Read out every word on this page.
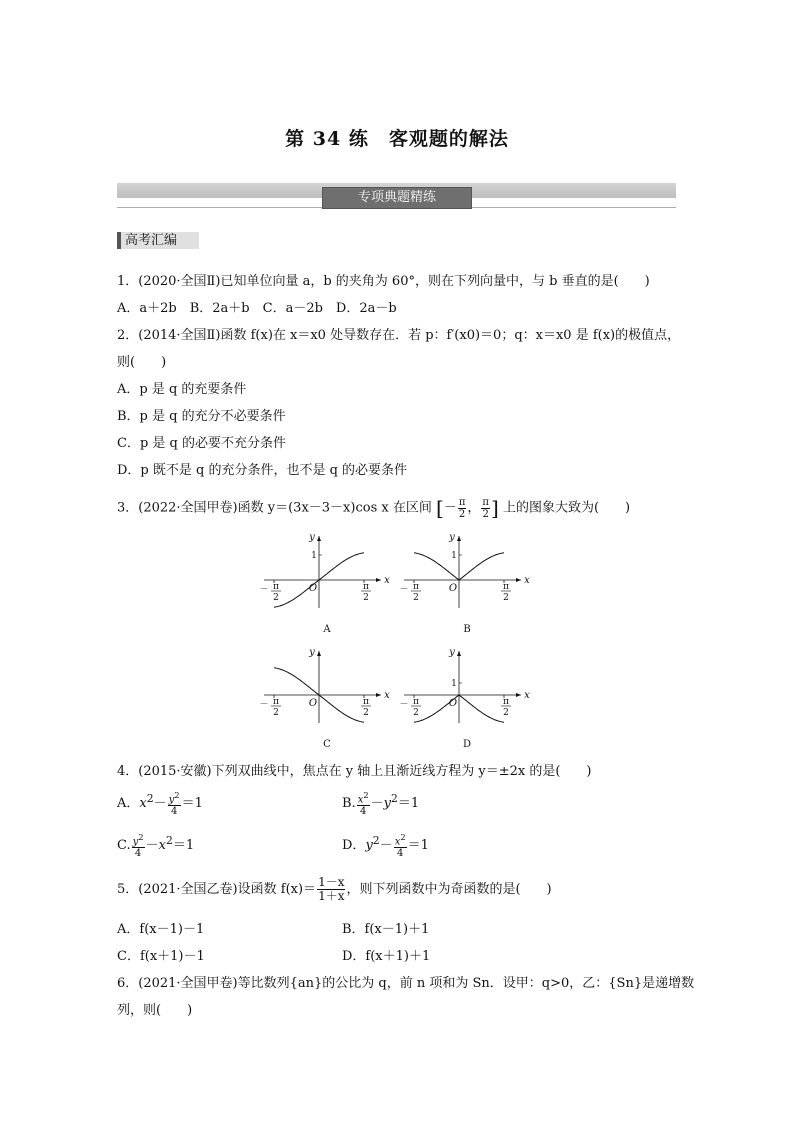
第 34 练　客观题的解法
专项典题精练
高考汇编
1．(2020·全国Ⅱ)已知单位向量 a，b 的夹角为 60°，则在下列向量中，与 b 垂直的是(　　)
A．a＋2b　B．2a＋b　C．a－2b　D．2a－b
2．(2014·全国Ⅱ)函数 f(x)在 x＝x0 处导数存在．若 p：f′(x0)＝0；q：x＝x0 是 f(x)的极值点，
则(　　)
A．p 是 q 的充要条件
B．p 是 q 的充分不必要条件
C．p 是 q 的必要不充分条件
D．p 既不是 q 的充分条件，也不是 q 的必要条件
3．(2022·全国甲卷)函数 y＝(3x－3－x)cos x 在区间 [－ $\frac{\pi}{2}$ ， $\frac{\pi}{2}$ ] 上的图象大致为(　　)
x
y
O
－ π
2
π
2
1
A
x
y
O
－ π
2
π
2
1
B
x
y
O
－ π
2
π
2
C
x
y
O
－ π
2
π
2
1
D
4．(2015·安徽)下列双曲线中，焦点在 y 轴上且渐近线方程为 y＝±2x 的是(　　)
A．$x^2- \frac{y^2}{4} =1$	B. $\frac{x^2}{4} -y^2=1$
C. $\frac{y^2}{4} -x^2=1$	D．$y^2- \frac{x^2}{4} =1$
5．(2021·全国乙卷)设函数 $f(x)= \frac{1-x}{1+x}$ ，则下列函数中为奇函数的是(　　)
A．f(x－1)－1	B．f(x－1)＋1
C．f(x＋1)－1	D．f(x＋1)＋1
6．(2021·全国甲卷)等比数列{an}的公比为 q，前 n 项和为 Sn．设甲：q>0，乙：{Sn}是递增数
列，则(　　)
